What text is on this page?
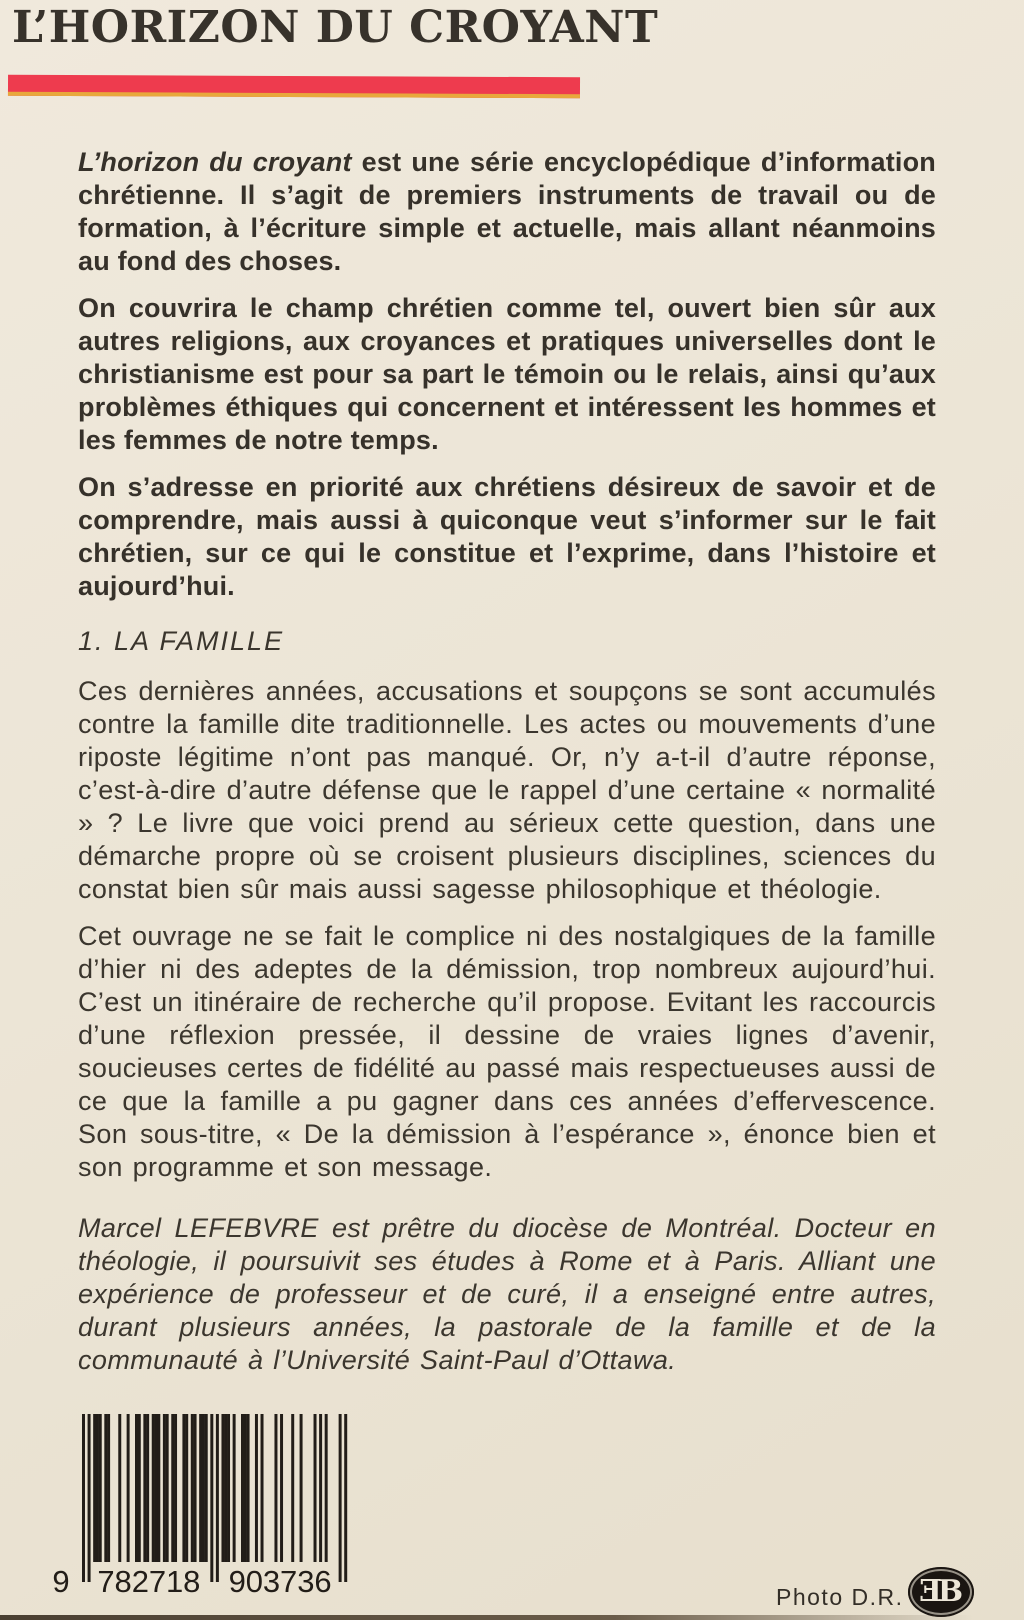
L’HORIZON DU CROYANT

L’horizon du croyant est une série encyclopédique d’information chrétienne. Il s’agit de premiers instruments de travail ou de formation, à l’écriture simple et actuelle, mais allant néanmoins au fond des choses.

On couvrira le champ chrétien comme tel, ouvert bien sûr aux autres religions, aux croyances et pratiques universelles dont le christianisme est pour sa part le témoin ou le relais, ainsi qu’aux problèmes éthiques qui concernent et intéressent les hommes et les femmes de notre temps.

On s’adresse en priorité aux chrétiens désireux de savoir et de comprendre, mais aussi à quiconque veut s’informer sur le fait chrétien, sur ce qui le constitue et l’exprime, dans l’histoire et aujourd’hui.

1. LA FAMILLE

Ces dernières années, accusations et soupçons se sont accumulés contre la famille dite traditionnelle. Les actes ou mouvements d’une riposte légitime n’ont pas manqué. Or, n’y a-t-il d’autre réponse, c’est-à-dire d’autre défense que le rappel d’une certaine « normalité » ? Le livre que voici prend au sérieux cette question, dans une démarche propre où se croisent plusieurs disciplines, sciences du constat bien sûr mais aussi sagesse philosophique et théologie.

Cet ouvrage ne se fait le complice ni des nostalgiques de la famille d’hier ni des adeptes de la démission, trop nombreux aujourd’hui. C’est un itinéraire de recherche qu’il propose. Evitant les raccourcis d’une réflexion pressée, il dessine de vraies lignes d’avenir, soucieuses certes de fidélité au passé mais respectueuses aussi de ce que la famille a pu gagner dans ces années d’effervescence. Son sous-titre, « De la démission à l’espérance », énonce bien et son programme et son message.

Marcel LEFEBVRE est prêtre du diocèse de Montréal. Docteur en théologie, il poursuivit ses études à Rome et à Paris. Alliant une expérience de professeur et de curé, il a enseigné entre autres, durant plusieurs années, la pastorale de la famille et de la communauté à l’Université Saint-Paul d’Ottawa.

9 782718 903736	Photo D.R. E
B
